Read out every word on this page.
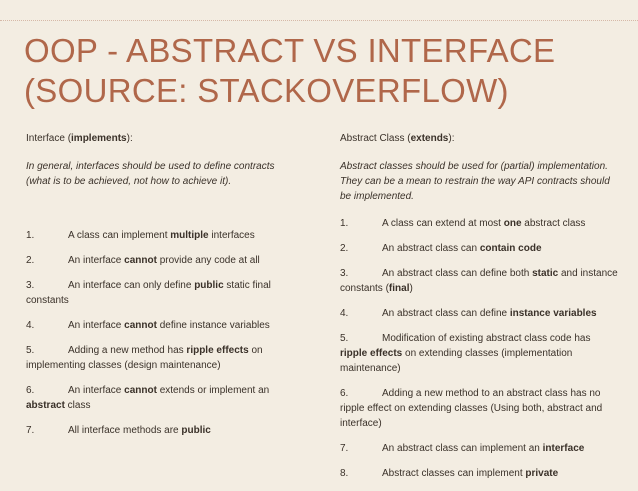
OOP - ABSTRACT VS INTERFACE
(SOURCE: STACKOVERFLOW)

Interface (implements):

In general, interfaces should be used to define contracts (what is to be achieved, not how to achieve it).

1.	A class can implement multiple interfaces

2.	An interface cannot provide any code at all

3.	An interface can only define public static final constants

4.	An interface cannot define instance variables

5.	Adding a new method has ripple effects on implementing classes (design maintenance)

6.	An interface cannot extends or implement an abstract class

7.	All interface methods are public

Abstract Class (extends):

Abstract classes should be used for (partial) implementation. They can be a mean to restrain the way API contracts should be implemented.

1.	A class can extend at most one abstract class

2.	An abstract class can contain code

3.	An abstract class can define both static and instance constants (final)

4.	An abstract class can define instance variables

5.	Modification of existing abstract class code has ripple effects on extending classes (implementation maintenance)

6.	Adding a new method to an abstract class has no ripple effect on extending classes (Using both, abstract and interface)

7.	An abstract class can implement an interface

8.	Abstract classes can implement private
